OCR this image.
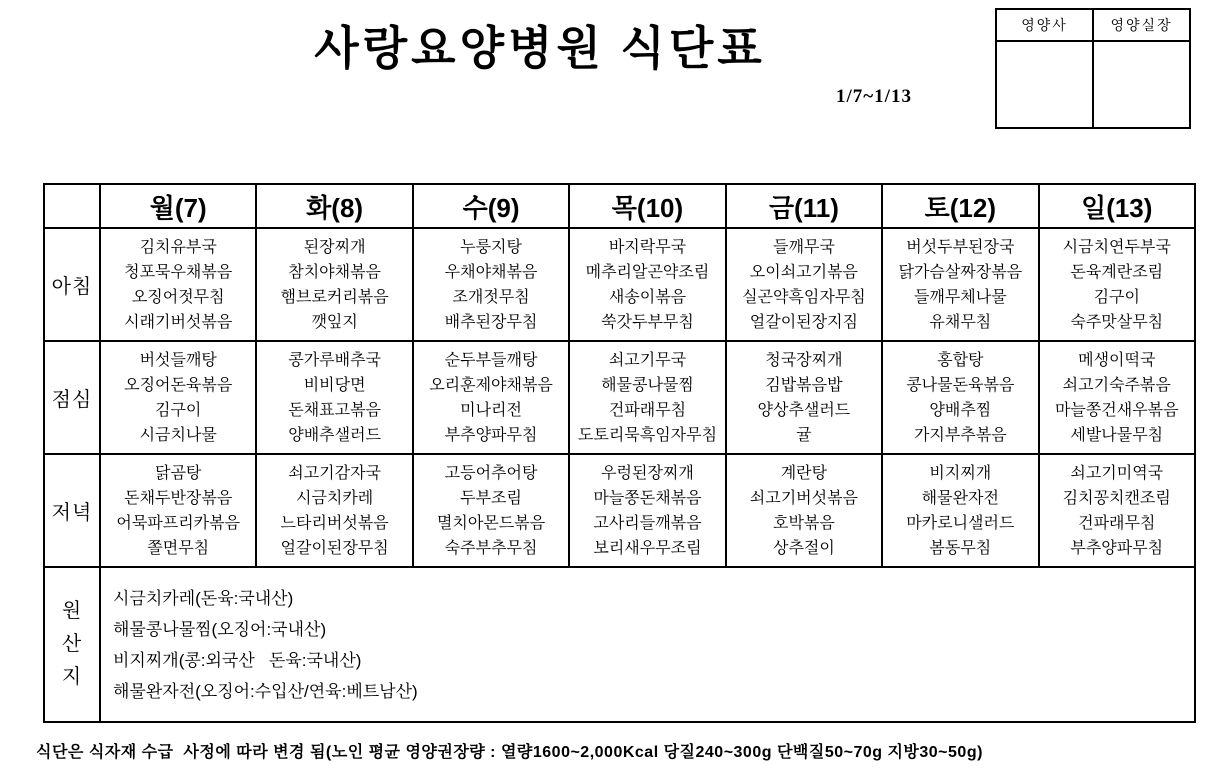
사랑요양병원 식단표
1/7~1/13
영양사	영양실장

	월(7)	화(8)	수(9)	목(10)	금(11)	토(12)	일(13)
아침	
김치유부국
청포묵우채볶음
오징어젓무침
시래기버섯볶음

된장찌개
참치야채볶음
햄브로커리볶음
깻잎지

누룽지탕
우채야채볶음
조개젓무침
배추된장무침

바지락무국
메추리알곤약조림
새송이볶음
쑥갓두부무침

들깨무국
오이쇠고기볶음
실곤약흑임자무침
얼갈이된장지짐

버섯두부된장국
닭가슴살짜장볶음
들깨무체나물
유채무침

시금치연두부국
돈육계란조림
김구이
숙주맛살무침

점심	
버섯들깨탕
오징어돈육볶음
김구이
시금치나물

콩가루배추국
비비당면
돈채표고볶음
양배추샐러드

순두부들깨탕
오리훈제야채볶음
미나리전
부추양파무침

쇠고기무국
해물콩나물찜
건파래무침
도토리묵흑임자무침

청국장찌개
김밥볶음밥
양상추샐러드
귤

홍합탕
콩나물돈육볶음
양배추찜
가지부추볶음

메생이떡국
쇠고기숙주볶음
마늘쫑건새우볶음
세발나물무침

저녁	
닭곰탕
돈채두반장볶음
어묵파프리카볶음
쫄면무침

쇠고기감자국
시금치카레
느타리버섯볶음
얼갈이된장무침

고등어추어탕
두부조림
멸치아몬드볶음
숙주부추무침

우렁된장찌개
마늘쫑돈채볶음
고사리들깨볶음
보리새우무조림

계란탕
쇠고기버섯볶음
호박볶음
상추절이

비지찌개
해물완자전
마카로니샐러드
봄동무침

쇠고기미역국
김치꽁치캔조림
건파래무침
부추양파무침

원
산
지

시금치카레(돈육:국내산)
해물콩나물찜(오징어:국내산)
비지찌개(콩:외국산   돈육:국내산)
해물완자전(오징어:수입산/연육:베트남산)
식단은 식자재 수급  사정에 따라 변경 됨(노인 평균 영양권장량 : 열량1600~2,000Kcal 당질240~300g 단백질50~70g 지방30~50g)
